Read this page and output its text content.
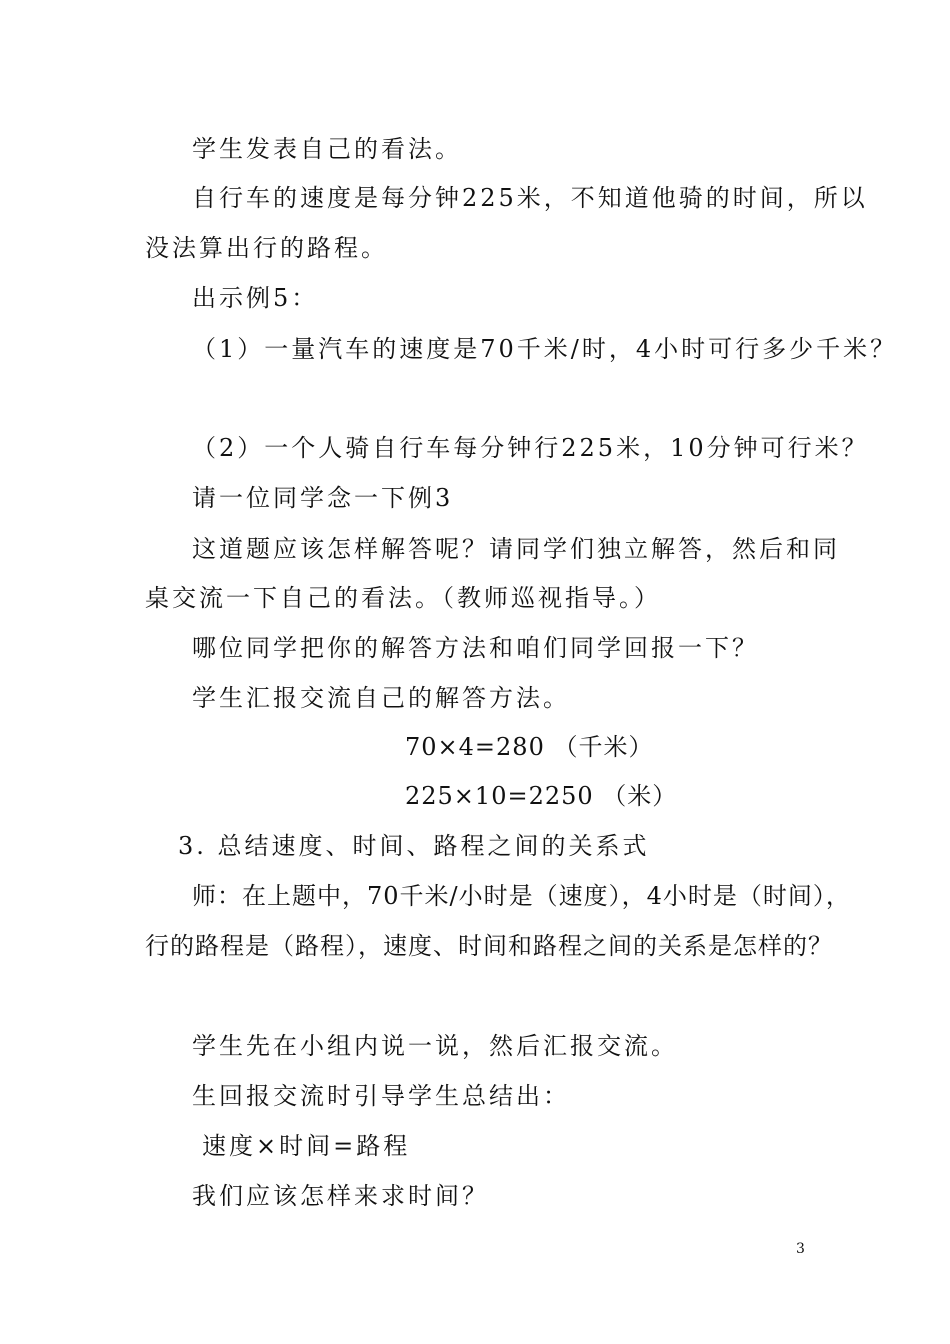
学生发表自己的看法。
自行车的速度是每分钟225米，不知道他骑的时间，所以
没法算出行的路程。
出示例5：
（1）一量汽车的速度是70千米/时，4小时可行多少千米？
（2）一个人骑自行车每分钟行225米，10分钟可行米？
请一位同学念一下例3
这道题应该怎样解答呢？请同学们独立解答，然后和同
桌交流一下自己的看法。（教师巡视指导。）
哪位同学把你的解答方法和咱们同学回报一下？
学生汇报交流自己的解答方法。
70×4=280 （千米）
225×10=2250 （米）
3. 总结速度、时间、路程之间的关系式
师：在上题中，70千米/小时是（速度），4小时是（时间），
行的路程是（路程），速度、时间和路程之间的关系是怎样的？
学生先在小组内说一说，然后汇报交流。
生回报交流时引导学生总结出：
速度×时间=路程
我们应该怎样来求时间？
3
